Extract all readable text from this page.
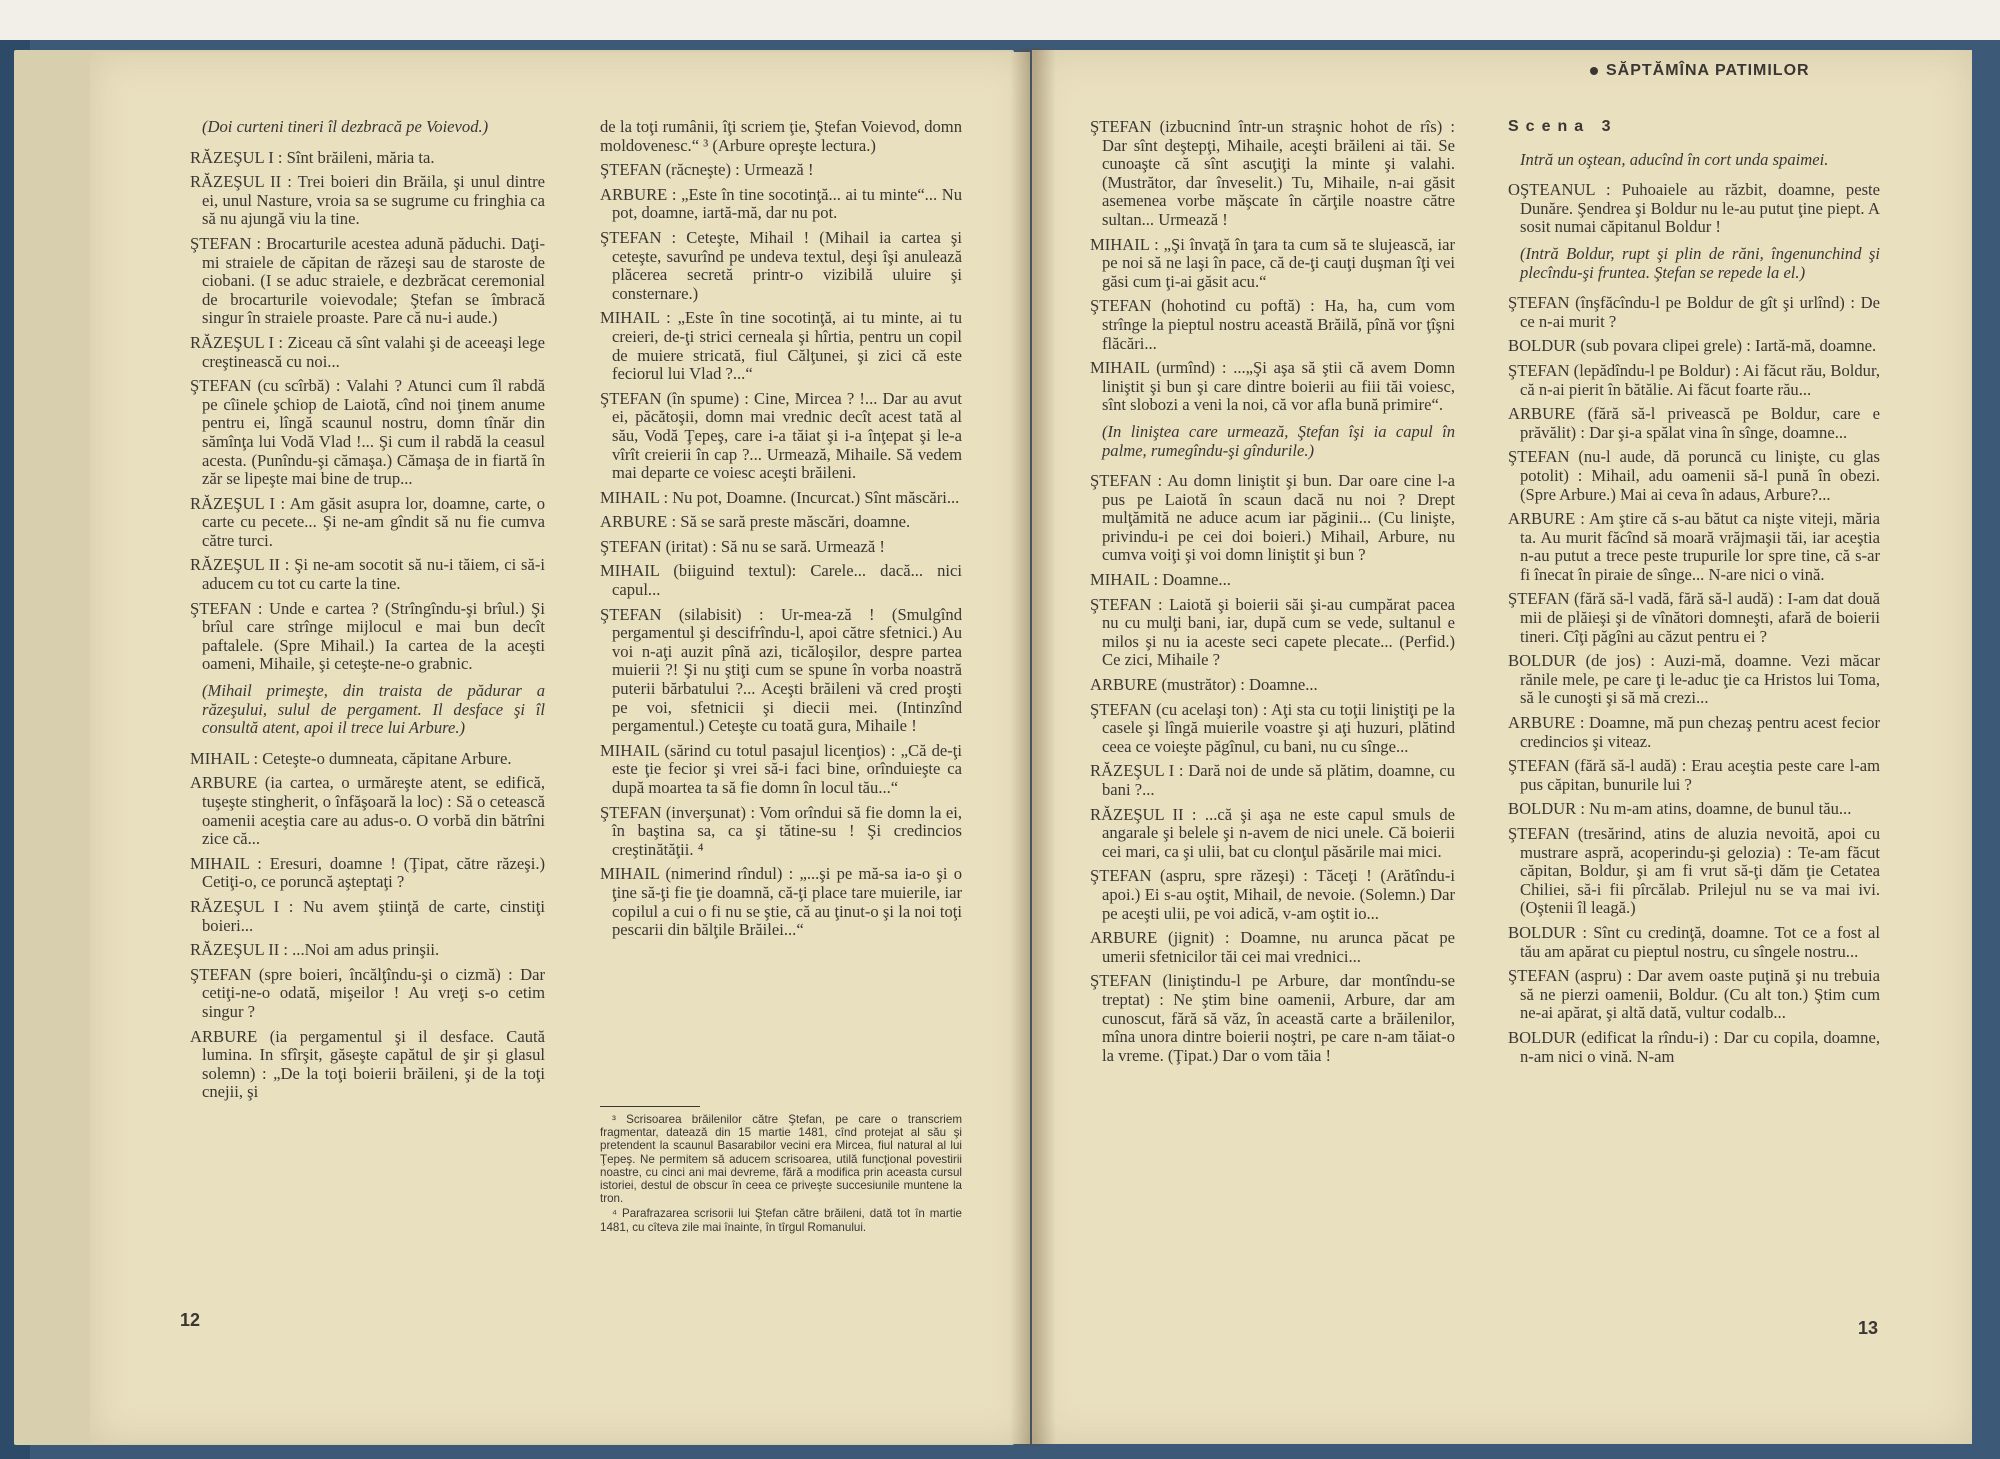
SĂPTĂMÎNA PATIMILOR

(Doi curteni tineri îl dezbracă pe Voievod.)

RĂZEŞUL I : Sînt brăileni, măria ta.

RĂZEŞUL II : Trei boieri din Brăila, şi unul dintre ei, unul Nasture, vroia sa se sugrume cu fringhia ca să nu ajungă viu la tine.

ŞTEFAN : Brocarturile acestea adună păduchi. Daţi-mi straiele de căpitan de răzeşi sau de staroste de ciobani. (I se aduc straiele, e dezbrăcat ceremonial de brocarturile voievodale; Ştefan se îmbracă singur în straiele proaste. Pare că nu-i aude.)

RĂZEŞUL I : Ziceau că sînt valahi şi de aceeaşi lege creştinească cu noi...

ŞTEFAN (cu scîrbă) : Valahi ? Atunci cum îl rabdă pe cîinele şchiop de Laiotă, cînd noi ţinem anume pentru ei, lîngă scaunul nostru, domn tînăr din sămînţa lui Vodă Vlad !... Şi cum il rabdă la ceasul acesta. (Punîndu-şi cămaşa.) Cămaşa de in fiartă în zăr se lipeşte mai bine de trup...

RĂZEŞUL I : Am găsit asupra lor, doamne, carte, o carte cu pecete... Şi ne-am gîndit să nu fie cumva către turci.

RĂZEŞUL II : Şi ne-am socotit să nu-i tăiem, ci să-i aducem cu tot cu carte la tine.

ŞTEFAN : Unde e cartea ? (Strîngîndu-şi brîul.) Şi brîul care strînge mijlocul e mai bun decît paftalele. (Spre Mihail.) Ia cartea de la aceşti oameni, Mihaile, şi ceteşte-ne-o grabnic.

(Mihail primeşte, din traista de pădurar a răzeşului, sulul de pergament. Il desface şi îl consultă atent, apoi il trece lui Arbure.)

MIHAIL : Ceteşte-o dumneata, căpitane Arbure.

ARBURE (ia cartea, o urmăreşte atent, se edifică, tuşeşte stingherit, o înfăşoară la loc) : Să o cetească oamenii aceştia care au adus-o. O vorbă din bătrîni zice că...

MIHAIL : Eresuri, doamne ! (Ţipat, către răzeşi.) Cetiţi-o, ce poruncă aşteptaţi ?

RĂZEŞUL I : Nu avem ştiinţă de carte, cinstiţi boieri...

RĂZEŞUL II : ...Noi am adus prinşii.

ŞTEFAN (spre boieri, încălţîndu-şi o cizmă) : Dar cetiţi-ne-o odată, mişeilor ! Au vreţi s-o cetim singur ?

ARBURE (ia pergamentul şi il desface. Caută lumina. In sfîrşit, găseşte capătul de şir şi glasul solemn) : „De la toţi boierii brăileni, şi de la toţi cnejii, şi

de la toţi rumânii, îţi scriem ţie, Ştefan Voievod, domn moldovenesc.“ ³ (Arbure opreşte lectura.)

ŞTEFAN (răcneşte) : Urmează !

ARBURE : „Este în tine socotinţă... ai tu minte“... Nu pot, doamne, iartă-mă, dar nu pot.

ŞTEFAN : Ceteşte, Mihail ! (Mihail ia cartea şi ceteşte, savurînd pe undeva textul, deşi îşi anulează plăcerea secretă printr-o vizibilă uluire şi consternare.)

MIHAIL : „Este în tine socotinţă, ai tu minte, ai tu creieri, de-ţi strici cerneala şi hîrtia, pentru un copil de muiere stricată, fiul Călţunei, şi zici că este feciorul lui Vlad ?...“

ŞTEFAN (în spume) : Cine, Mircea ? !... Dar au avut ei, păcătoşii, domn mai vrednic decît acest tată al său, Vodă Ţepeş, care i-a tăiat şi i-a înţepat şi le-a vîrît creierii în cap ?... Urmează, Mihaile. Să vedem mai departe ce voiesc aceşti brăileni.

MIHAIL : Nu pot, Doamne. (Incurcat.) Sînt măscări...

ARBURE : Să se sară preste măscări, doamne.

ŞTEFAN (iritat) : Să nu se sară. Urmează !

MIHAIL (biiguind textul): Carele... dacă... nici capul...

ŞTEFAN (silabisit) : Ur-mea-ză ! (Smulgînd pergamentul şi descifrîndu-l, apoi către sfetnici.) Au voi n-aţi auzit pînă azi, ticăloşilor, despre partea muierii ?! Şi nu ştiţi cum se spune în vorba noastră puterii bărbatului ?... Aceşti brăileni vă cred proşti pe voi, sfetnicii şi diecii mei. (Intinzînd pergamentul.) Ceteşte cu toată gura, Mihaile !

MIHAIL (sărind cu totul pasajul licenţios) : „Că de-ţi este ţie fecior şi vrei să-i faci bine, orînduieşte ca după moartea ta să fie domn în locul tău...“

ŞTEFAN (inverşunat) : Vom orîndui să fie domn la ei, în baştina sa, ca şi tătine-su ! Şi credincios creştinătăţii. ⁴

MIHAIL (nimerind rîndul) : „...şi pe mă-sa ia-o şi o ţine să-ţi fie ţie doamnă, că-ţi place tare muierile, iar copilul a cui o fi nu se ştie, că au ţinut-o şi la noi toţi pescarii din bălţile Brăilei...“

³ Scrisoarea brăilenilor către Ştefan, pe care o transcriem fragmentar, datează din 15 martie 1481, cînd protejat al său şi pretendent la scaunul Basarabilor vecini era Mircea, fiul natural al lui Ţepeş. Ne permitem să aducem scrisoarea, utilă funcţional povestirii noastre, cu cinci ani mai devreme, fără a modifica prin aceasta cursul istoriei, destul de obscur în ceea ce priveşte succesiunile muntene la tron.

⁴ Parafrazarea scrisorii lui Ştefan către brăileni, dată tot în martie 1481, cu cîteva zile mai înainte, în tîrgul Romanului.

ŞTEFAN (izbucnind într-un straşnic hohot de rîs) : Dar sînt deştepţi, Mihaile, aceşti brăileni ai tăi. Se cunoaşte că sînt ascuţiţi la minte şi valahi. (Mustrător, dar înveselit.) Tu, Mihaile, n-ai găsit asemenea vorbe măşcate în cărţile noastre către sultan... Urmează !

MIHAIL : „Şi învaţă în ţara ta cum să te slujească, iar pe noi să ne laşi în pace, că de-ţi cauţi duşman îţi vei găsi cum ţi-ai găsit acu.“

ŞTEFAN (hohotind cu poftă) : Ha, ha, cum vom strînge la pieptul nostru această Brăilă, pînă vor ţîşni flăcări...

MIHAIL (urmînd) : ...„Şi aşa să ştii că avem Domn liniştit şi bun şi care dintre boierii au fiii tăi voiesc, sînt slobozi a veni la noi, că vor afla bună primire“.

(In liniştea care urmează, Ştefan îşi ia capul în palme, rumegîndu-şi gîndurile.)

ŞTEFAN : Au domn liniştit şi bun. Dar oare cine l-a pus pe Laiotă în scaun dacă nu noi ? Drept mulţămită ne aduce acum iar păginii... (Cu linişte, privindu-i pe cei doi boieri.) Mihail, Arbure, nu cumva voiţi şi voi domn liniştit şi bun ?

MIHAIL : Doamne...

ŞTEFAN : Laiotă şi boierii săi şi-au cumpărat pacea nu cu mulţi bani, iar, după cum se vede, sultanul e milos şi nu ia aceste seci capete plecate... (Perfid.) Ce zici, Mihaile ?

ARBURE (mustrător) : Doamne...

ŞTEFAN (cu acelaşi ton) : Aţi sta cu toţii liniştiţi pe la casele şi lîngă muierile voastre şi aţi huzuri, plătind ceea ce voieşte păgînul, cu bani, nu cu sînge...

RĂZEŞUL I : Dară noi de unde să plătim, doamne, cu bani ?...

RĂZEŞUL II : ...că şi aşa ne este capul smuls de angarale şi belele şi n-avem de nici unele. Că boierii cei mari, ca şi ulii, bat cu clonţul păsările mai mici.

ŞTEFAN (aspru, spre răzeşi) : Tăceţi ! (Arătîndu-i apoi.) Ei s-au oştit, Mihail, de nevoie. (Solemn.) Dar pe aceşti ulii, pe voi adică, v-am oştit io...

ARBURE (jignit) : Doamne, nu arunca păcat pe umerii sfetnicilor tăi cei mai vrednici...

ŞTEFAN (liniştindu-l pe Arbure, dar montîndu-se treptat) : Ne ştim bine oamenii, Arbure, dar am cunoscut, fără să văz, în această carte a brăilenilor, mîna unora dintre boierii noştri, pe care n-am tăiat-o la vreme. (Ţipat.) Dar o vom tăia !

Scena 3

Intră un oştean, aducînd în cort unda spaimei.

OŞTEANUL : Puhoaiele au răzbit, doamne, peste Dunăre. Şendrea şi Boldur nu le-au putut ţine piept. A sosit numai căpitanul Boldur !

(Intră Boldur, rupt şi plin de răni, îngenunchind şi plecîndu-şi fruntea. Ştefan se repede la el.)

ŞTEFAN (înşfăcîndu-l pe Boldur de gît şi urlînd) : De ce n-ai murit ?

BOLDUR (sub povara clipei grele) : Iartă-mă, doamne.

ŞTEFAN (lepădîndu-l pe Boldur) : Ai făcut rău, Boldur, că n-ai pierit în bătălie. Ai făcut foarte rău...

ARBURE (fără să-l privească pe Boldur, care e prăvălit) : Dar şi-a spălat vina în sînge, doamne...

ŞTEFAN (nu-l aude, dă poruncă cu linişte, cu glas potolit) : Mihail, adu oamenii să-l pună în obezi. (Spre Arbure.) Mai ai ceva în adaus, Arbure?...

ARBURE : Am ştire că s-au bătut ca nişte viteji, măria ta. Au murit făcînd să moară vrăjmaşii tăi, iar aceştia n-au putut a trece peste trupurile lor spre tine, că s-ar fi înecat în piraie de sînge... N-are nici o vină.

ŞTEFAN (fără să-l vadă, fără să-l audă) : I-am dat două mii de plăieşi şi de vînători domneşti, afară de boierii tineri. Cîţi păgîni au căzut pentru ei ?

BOLDUR (de jos) : Auzi-mă, doamne. Vezi măcar rănile mele, pe care ţi le-aduc ţie ca Hristos lui Toma, să le cunoşti şi să mă crezi...

ARBURE : Doamne, mă pun chezaş pentru acest fecior credincios şi viteaz.

ŞTEFAN (fără să-l audă) : Erau aceştia peste care l-am pus căpitan, bunurile lui ?

BOLDUR : Nu m-am atins, doamne, de bunul tău...

ŞTEFAN (tresărind, atins de aluzia nevoită, apoi cu mustrare aspră, acoperindu-şi gelozia) : Te-am făcut căpitan, Boldur, şi am fi vrut să-ţi dăm ţie Cetatea Chiliei, să-i fii pîrcălab. Prilejul nu se va mai ivi. (Oştenii îl leagă.)

BOLDUR : Sînt cu credinţă, doamne. Tot ce a fost al tău am apărat cu pieptul nostru, cu sîngele nostru...

ŞTEFAN (aspru) : Dar avem oaste puţină şi nu trebuia să ne pierzi oamenii, Boldur. (Cu alt ton.) Ştim cum ne-ai apărat, şi altă dată, vultur codalb...

BOLDUR (edificat la rîndu-i) : Dar cu copila, doamne, n-am nici o vină. N-am

12	13
